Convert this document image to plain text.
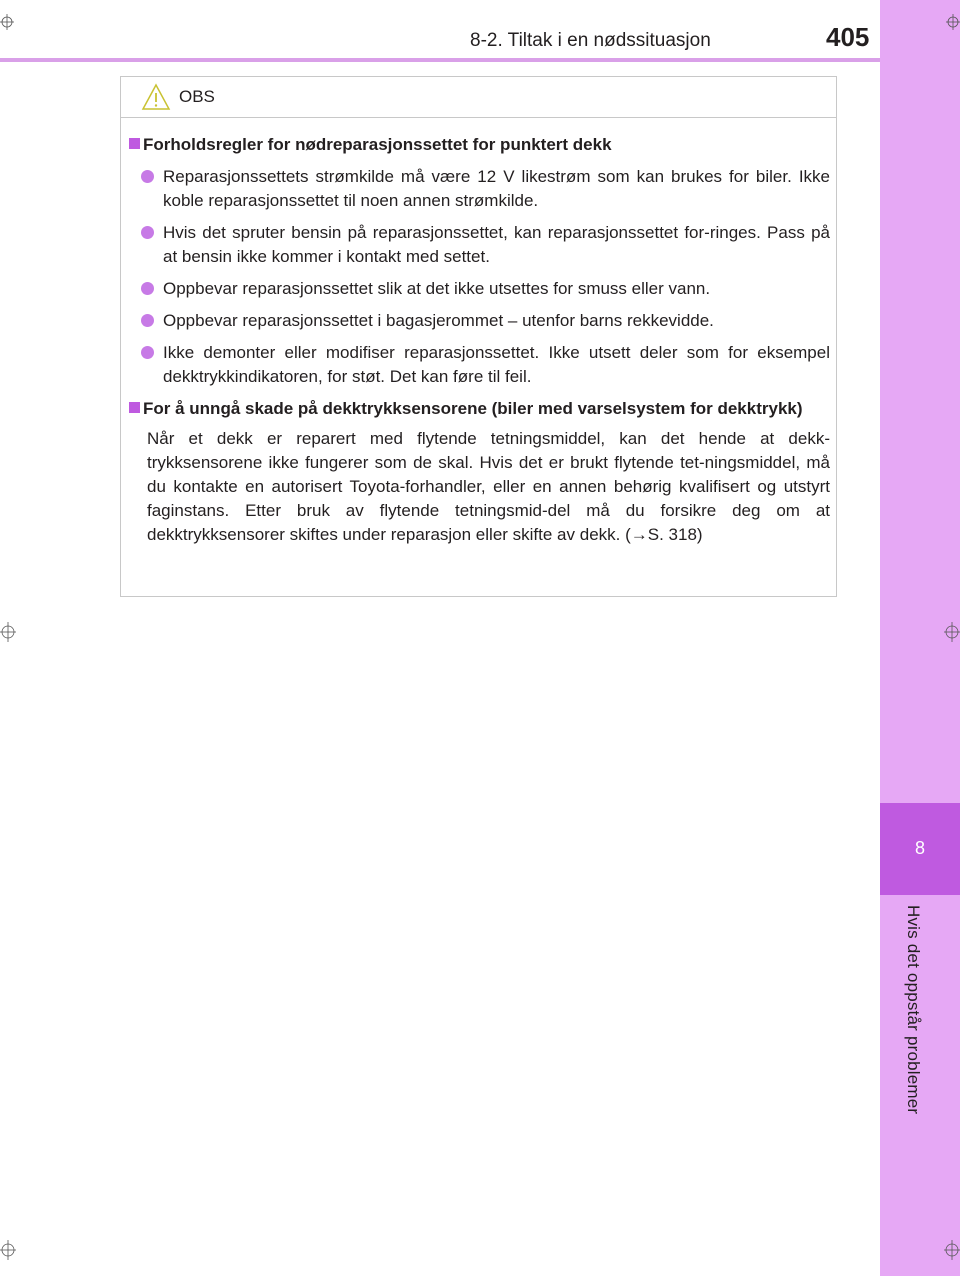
8
Hvis det oppstår problemer
8-2. Tiltak i en nødssituasjon	405
OBS
Forholdsregler for nødreparasjonssettet for punktert dekk
Reparasjonssettets strømkilde må være 12 V likestrøm som kan brukes for biler. Ikke koble reparasjonssettet til noen annen strømkilde.
Hvis det spruter bensin på reparasjonssettet, kan reparasjonssettet for-ringes. Pass på at bensin ikke kommer i kontakt med settet.
Oppbevar reparasjonssettet slik at det ikke utsettes for smuss eller vann.
Oppbevar reparasjonssettet i bagasjerommet – utenfor barns rekkevidde.
Ikke demonter eller modifiser reparasjonssettet. Ikke utsett deler som for eksempel dekktrykkindikatoren, for støt. Det kan føre til feil.
For å unngå skade på dekktrykksensorene (biler med varselsystem for dekktrykk)
Når et dekk er reparert med flytende tetningsmiddel, kan det hende at dekk-trykksensorene ikke fungerer som de skal. Hvis det er brukt flytende tet-ningsmiddel, må du kontakte en autorisert Toyota-forhandler, eller en annen behørig kvalifisert og utstyrt faginstans. Etter bruk av flytende tetningsmid-del må du forsikre deg om at dekktrykksensorer skiftes under reparasjon eller skifte av dekk. (→S. 318)
